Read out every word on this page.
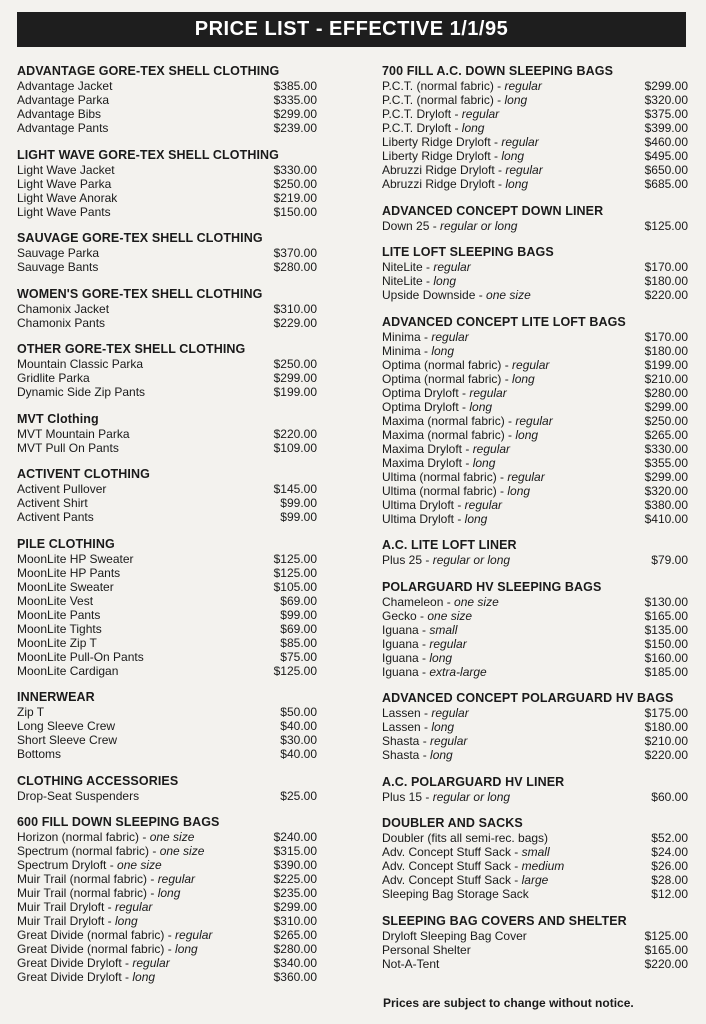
PRICE LIST - EFFECTIVE 1/1/95
ADVANTAGE GORE-TEX SHELL CLOTHING
Advantage Jacket	$385.00
Advantage Parka	$335.00
Advantage Bibs	$299.00
Advantage Pants	$239.00
LIGHT WAVE GORE-TEX SHELL CLOTHING
Light Wave Jacket	$330.00
Light Wave Parka	$250.00
Light Wave Anorak	$219.00
Light Wave Pants	$150.00
SAUVAGE GORE-TEX SHELL CLOTHING
Sauvage Parka	$370.00
Sauvage Bants	$280.00
WOMEN'S GORE-TEX SHELL CLOTHING
Chamonix Jacket	$310.00
Chamonix Pants	$229.00
OTHER GORE-TEX SHELL CLOTHING
Mountain Classic Parka	$250.00
Gridlite Parka	$299.00
Dynamic Side Zip Pants	$199.00
MVT Clothing
MVT Mountain Parka	$220.00
MVT Pull On Pants	$109.00
ACTIVENT CLOTHING
Activent Pullover	$145.00
Activent Shirt	$99.00
Activent Pants	$99.00
PILE CLOTHING
MoonLite HP Sweater	$125.00
MoonLite HP Pants	$125.00
MoonLite Sweater	$105.00
MoonLite Vest	$69.00
MoonLite Pants	$99.00
MoonLite Tights	$69.00
MoonLite Zip T	$85.00
MoonLite Pull-On Pants	$75.00
MoonLite Cardigan	$125.00
INNERWEAR
Zip T	$50.00
Long Sleeve Crew	$40.00
Short Sleeve Crew	$30.00
Bottoms	$40.00
CLOTHING ACCESSORIES
Drop-Seat Suspenders	$25.00
600 FILL DOWN SLEEPING BAGS
Horizon (normal fabric) - one size	$240.00
Spectrum (normal fabric) - one size	$315.00
Spectrum Dryloft - one size	$390.00
Muir Trail (normal fabric) - regular	$225.00
Muir Trail (normal fabric) - long	$235.00
Muir Trail Dryloft - regular	$299.00
Muir Trail Dryloft - long	$310.00
Great Divide (normal fabric) - regular	$265.00
Great Divide (normal fabric) - long	$280.00
Great Divide Dryloft - regular	$340.00
Great Divide Dryloft - long	$360.00
700 FILL A.C. DOWN SLEEPING BAGS
P.C.T. (normal fabric) - regular	$299.00
P.C.T. (normal fabric) - long	$320.00
P.C.T. Dryloft - regular	$375.00
P.C.T. Dryloft - long	$399.00
Liberty Ridge Dryloft - regular	$460.00
Liberty Ridge Dryloft - long	$495.00
Abruzzi Ridge Dryloft - regular	$650.00
Abruzzi Ridge Dryloft - long	$685.00
ADVANCED CONCEPT DOWN LINER
Down 25 - regular or long	$125.00
LITE LOFT SLEEPING BAGS
NiteLite - regular	$170.00
NiteLite - long	$180.00
Upside Downside - one size	$220.00
ADVANCED CONCEPT LITE LOFT BAGS
Minima - regular	$170.00
Minima - long	$180.00
Optima (normal fabric) - regular	$199.00
Optima (normal fabric) - long	$210.00
Optima Dryloft - regular	$280.00
Optima Dryloft - long	$299.00
Maxima (normal fabric) - regular	$250.00
Maxima (normal fabric) - long	$265.00
Maxima Dryloft - regular	$330.00
Maxima Dryloft - long	$355.00
Ultima (normal fabric) - regular	$299.00
Ultima (normal fabric) - long	$320.00
Ultima Dryloft - regular	$380.00
Ultima Dryloft - long	$410.00
A.C. LITE LOFT LINER
Plus 25 - regular or long	$79.00
POLARGUARD HV SLEEPING BAGS
Chameleon - one size	$130.00
Gecko - one size	$165.00
Iguana - small	$135.00
Iguana - regular	$150.00
Iguana - long	$160.00
Iguana - extra-large	$185.00
ADVANCED CONCEPT POLARGUARD HV BAGS
Lassen - regular	$175.00
Lassen - long	$180.00
Shasta - regular	$210.00
Shasta - long	$220.00
A.C. POLARGUARD HV LINER
Plus 15 - regular or long	$60.00
DOUBLER AND SACKS
Doubler (fits all semi-rec. bags)	$52.00
Adv. Concept Stuff Sack - small	$24.00
Adv. Concept Stuff Sack - medium	$26.00
Adv. Concept Stuff Sack - large	$28.00
Sleeping Bag Storage Sack	$12.00
SLEEPING BAG COVERS AND SHELTER
Dryloft Sleeping Bag Cover	$125.00
Personal Shelter	$165.00
Not-A-Tent	$220.00
Prices are subject to change without notice.
